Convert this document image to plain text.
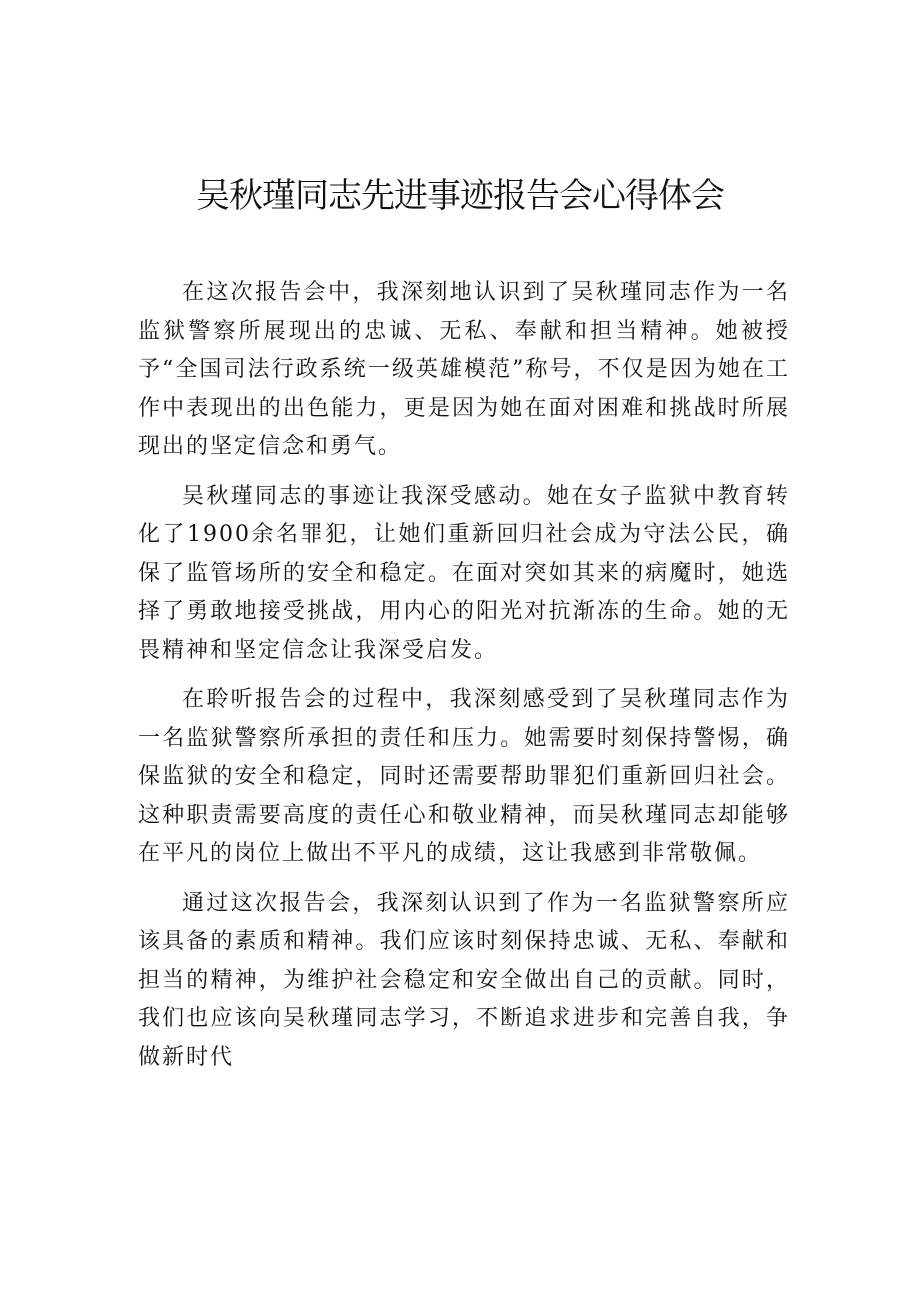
吴秋瑾同志先进事迹报告会心得体会

在这次报告会中，我深刻地认识到了吴秋瑾同志作为一名监狱警察所展现出的忠诚、无私、奉献和担当精神。她被授予“全国司法行政系统一级英雄模范”称号，不仅是因为她在工作中表现出的出色能力，更是因为她在面对困难和挑战时所展现出的坚定信念和勇气。

吴秋瑾同志的事迹让我深受感动。她在女子监狱中教育转化了1900余名罪犯，让她们重新回归社会成为守法公民，确保了监管场所的安全和稳定。在面对突如其来的病魔时，她选择了勇敢地接受挑战，用内心的阳光对抗渐冻的生命。她的无畏精神和坚定信念让我深受启发。

在聆听报告会的过程中，我深刻感受到了吴秋瑾同志作为一名监狱警察所承担的责任和压力。她需要时刻保持警惕，确保监狱的安全和稳定，同时还需要帮助罪犯们重新回归社会。这种职责需要高度的责任心和敬业精神，而吴秋瑾同志却能够在平凡的岗位上做出不平凡的成绩，这让我感到非常敬佩。

通过这次报告会，我深刻认识到了作为一名监狱警察所应该具备的素质和精神。我们应该时刻保持忠诚、无私、奉献和担当的精神，为维护社会稳定和安全做出自己的贡献。同时，我们也应该向吴秋瑾同志学习，不断追求进步和完善自我，争做新时代
